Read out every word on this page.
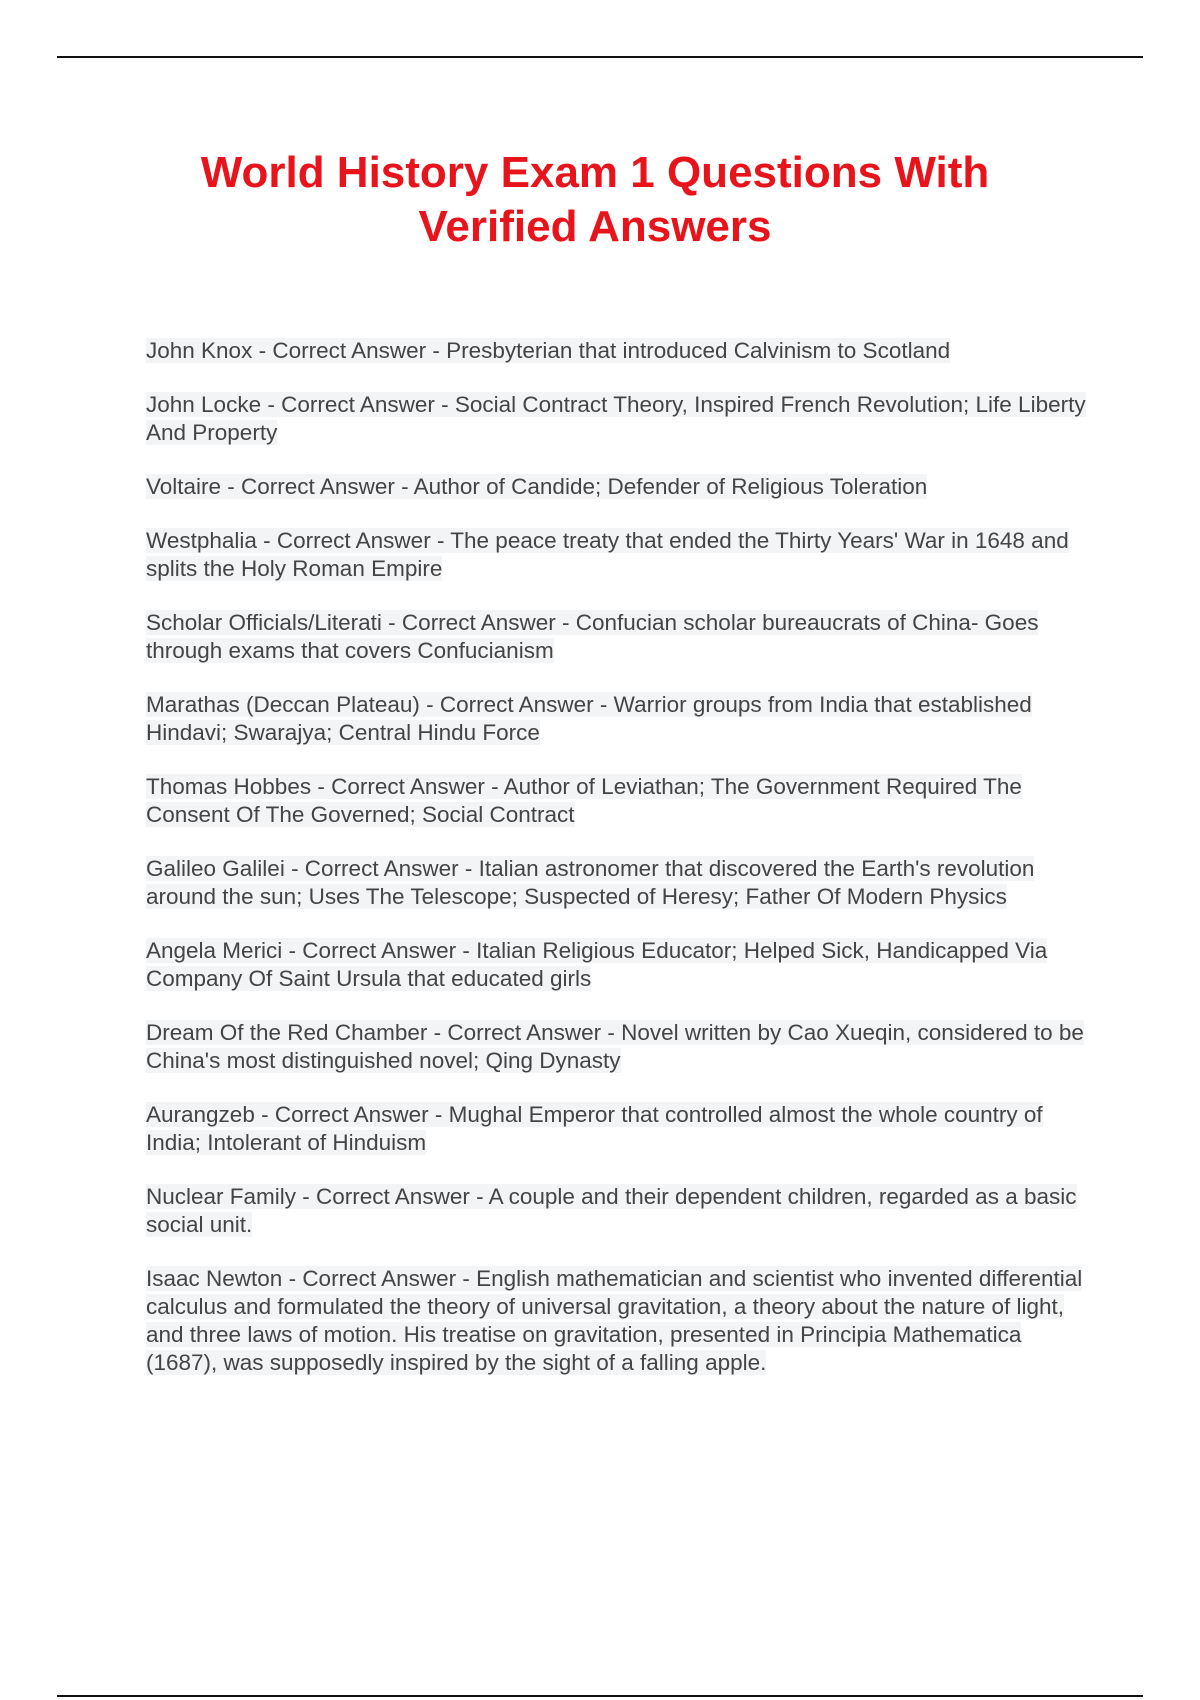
World History Exam 1 Questions With Verified Answers
John Knox - Correct Answer - Presbyterian that introduced Calvinism to Scotland
John Locke - Correct Answer - Social Contract Theory, Inspired French Revolution; Life Liberty And Property
Voltaire - Correct Answer - Author of Candide; Defender of Religious Toleration
Westphalia - Correct Answer - The peace treaty that ended the Thirty Years' War in 1648 and splits the Holy Roman Empire
Scholar Officials/Literati - Correct Answer - Confucian scholar bureaucrats of China- Goes through exams that covers Confucianism
Marathas (Deccan Plateau) - Correct Answer - Warrior groups from India that established Hindavi; Swarajya; Central Hindu Force
Thomas Hobbes - Correct Answer - Author of Leviathan; The Government Required The Consent Of The Governed; Social Contract
Galileo Galilei - Correct Answer - Italian astronomer that discovered the Earth's revolution around the sun; Uses The Telescope; Suspected of Heresy; Father Of Modern Physics
Angela Merici - Correct Answer - Italian Religious Educator; Helped Sick, Handicapped Via Company Of Saint Ursula that educated girls
Dream Of the Red Chamber - Correct Answer - Novel written by Cao Xueqin, considered to be China's most distinguished novel; Qing Dynasty
Aurangzeb - Correct Answer - Mughal Emperor that controlled almost the whole country of India; Intolerant of Hinduism
Nuclear Family - Correct Answer - A couple and their dependent children, regarded as a basic social unit.
Isaac Newton - Correct Answer - English mathematician and scientist who invented differential calculus and formulated the theory of universal gravitation, a theory about the nature of light, and three laws of motion. His treatise on gravitation, presented in Principia Mathematica (1687), was supposedly inspired by the sight of a falling apple.
